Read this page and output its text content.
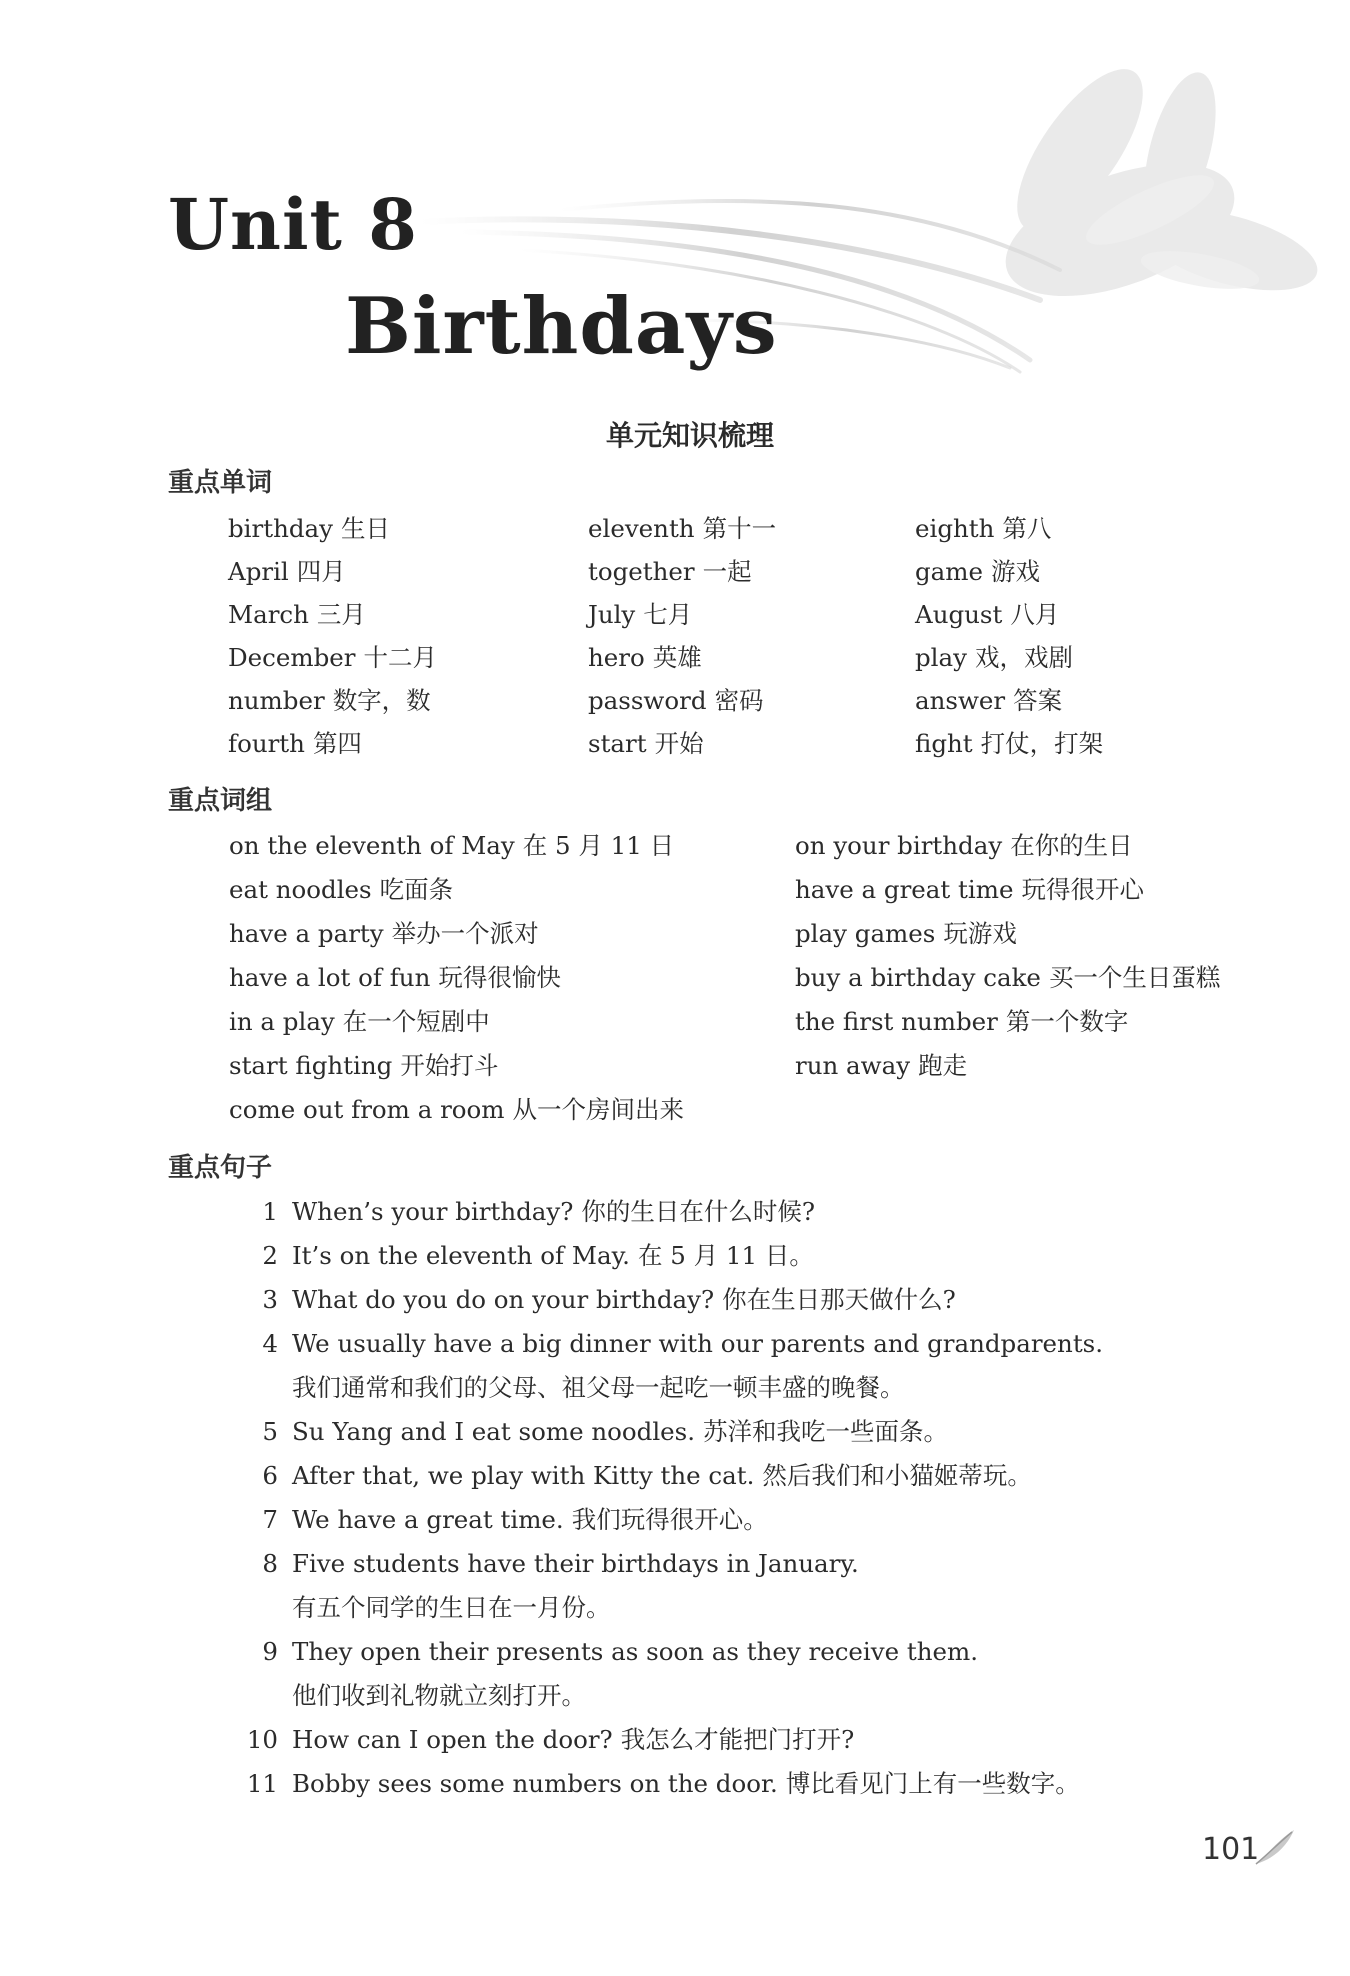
Unit 8
Birthdays
单元知识梳理
重点单词
birthday 生日	eleventh 第十一	eighth 第八
April 四月	together 一起	game 游戏
March 三月	July 七月	August 八月
December 十二月	hero 英雄	play 戏，戏剧
number 数字，数	password 密码	answer 答案
fourth 第四	start 开始	fight 打仗，打架
重点词组
on the eleventh of May 在 5 月 11 日	on your birthday 在你的生日
eat noodles 吃面条	have a great time 玩得很开心
have a party 举办一个派对	play games 玩游戏
have a lot of fun 玩得很愉快	buy a birthday cake 买一个生日蛋糕
in a play 在一个短剧中	the first number 第一个数字
start fighting 开始打斗	run away 跑走
come out from a room 从一个房间出来
重点句子
1 When’s your birthday? 你的生日在什么时候?
2 It’s on the eleventh of May. 在 5 月 11 日。
3 What do you do on your birthday? 你在生日那天做什么?
4 We usually have a big dinner with our parents and grandparents.
我们通常和我们的父母、祖父母一起吃一顿丰盛的晚餐。
5 Su Yang and I eat some noodles. 苏洋和我吃一些面条。
6 After that, we play with Kitty the cat. 然后我们和小猫姬蒂玩。
7 We have a great time. 我们玩得很开心。
8 Five students have their birthdays in January.
有五个同学的生日在一月份。
9 They open their presents as soon as they receive them.
他们收到礼物就立刻打开。
10 How can I open the door? 我怎么才能把门打开?
11 Bobby sees some numbers on the door. 博比看见门上有一些数字。
101
